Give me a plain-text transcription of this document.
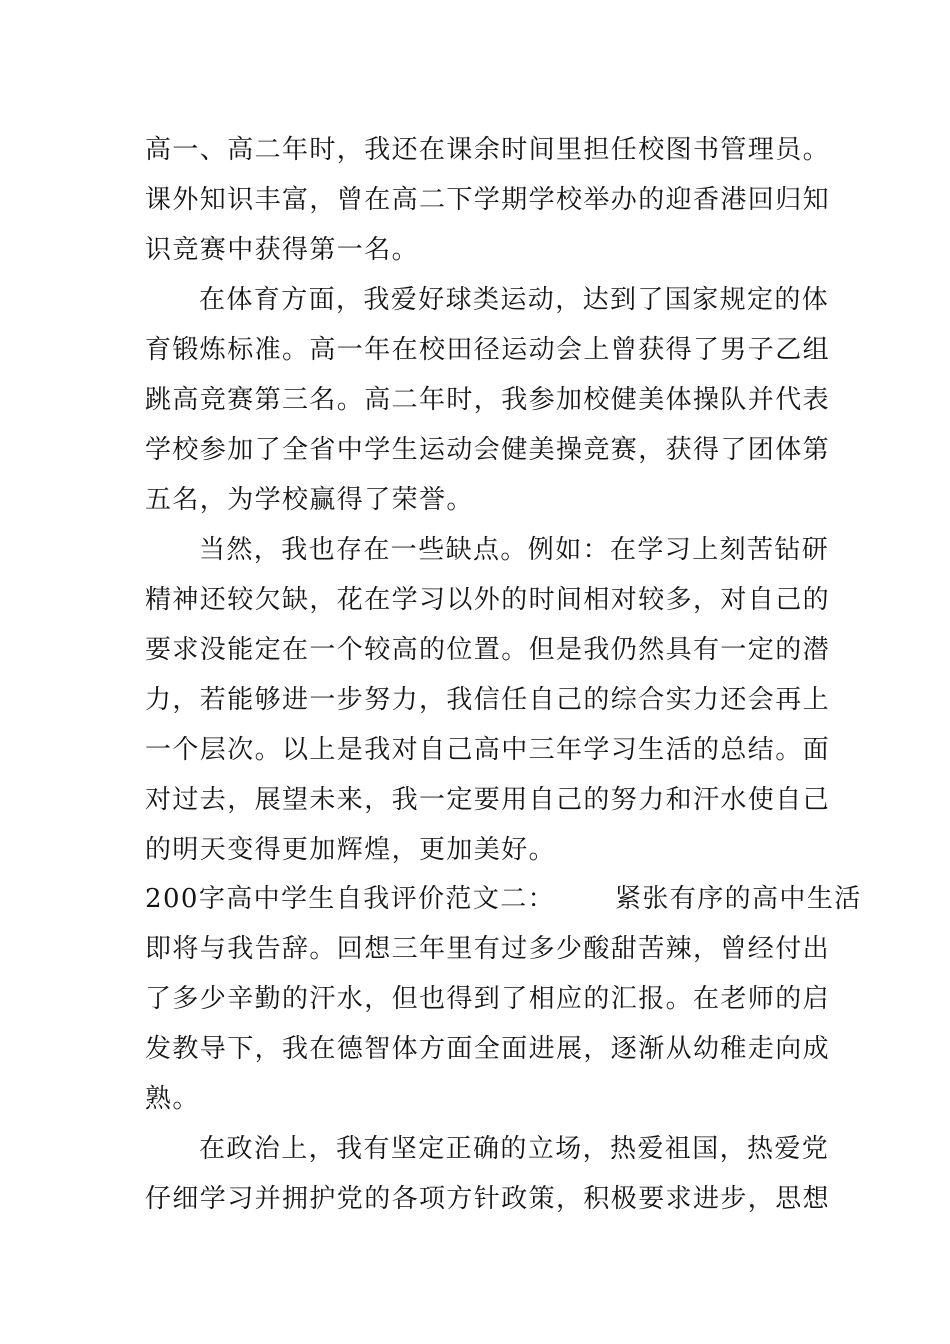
高一、高二年时，我还在课余时间里担任校图书管理员。
课外知识丰富，曾在高二下学期学校举办的迎香港回归知
识竞赛中获得第一名。
在体育方面，我爱好球类运动，达到了国家规定的体
育锻炼标准。高一年在校田径运动会上曾获得了男子乙组
跳高竞赛第三名。高二年时，我参加校健美体操队并代表
学校参加了全省中学生运动会健美操竞赛，获得了团体第
五名，为学校赢得了荣誉。
当然，我也存在一些缺点。例如：在学习上刻苦钻研
精神还较欠缺，花在学习以外的时间相对较多，对自己的
要求没能定在一个较高的位置。但是我仍然具有一定的潜
力，若能够进一步努力，我信任自己的综合实力还会再上
一个层次。以上是我对自己高中三年学习生活的总结。面
对过去，展望未来，我一定要用自己的努力和汗水使自己
的明天变得更加辉煌，更加美好。
200字高中学生自我评价范文二： 紧张有序的高中生活
即将与我告辞。回想三年里有过多少酸甜苦辣，曾经付出
了多少辛勤的汗水，但也得到了相应的汇报。在老师的启
发教导下，我在德智体方面全面进展，逐渐从幼稚走向成
熟。
在政治上，我有坚定正确的立场，热爱祖国，热爱党
仔细学习并拥护党的各项方针政策，积极要求进步，思想
